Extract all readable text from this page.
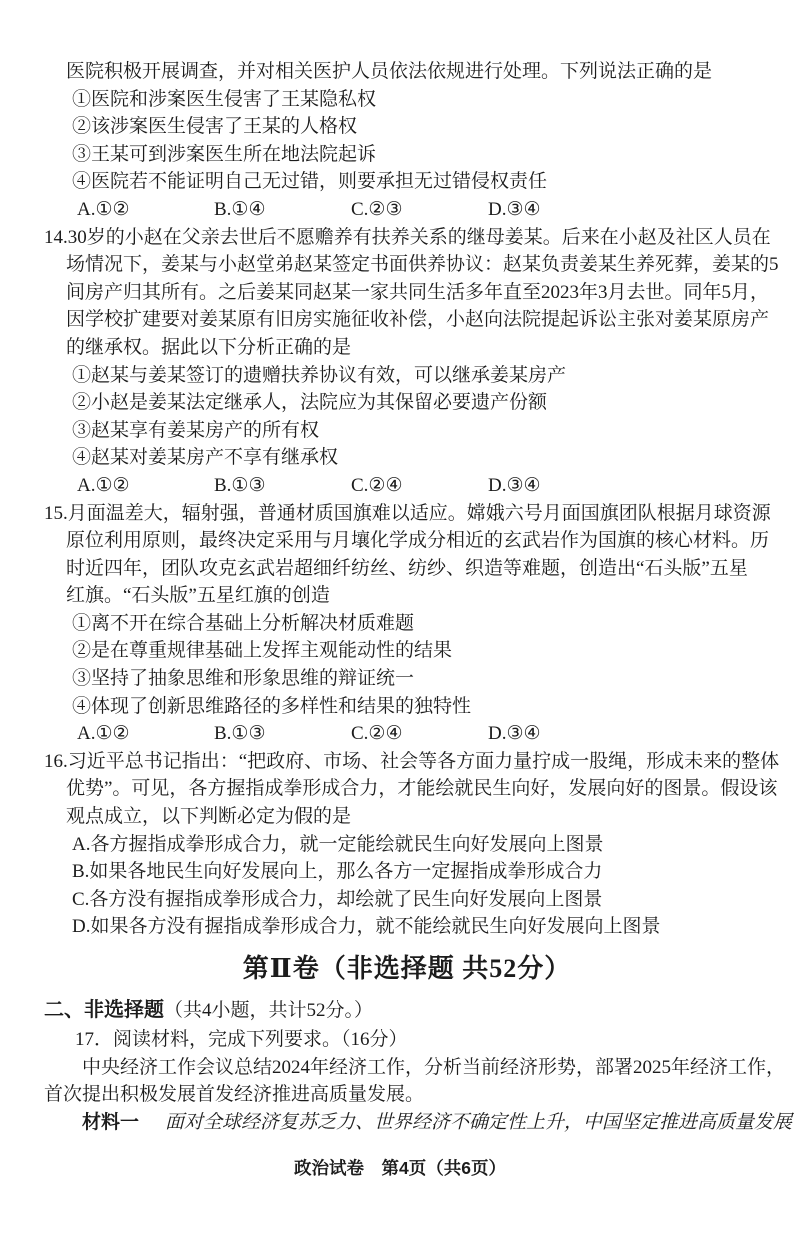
医院积极开展调查，并对相关医护人员依法依规进行处理。下列说法正确的是
①医院和涉案医生侵害了王某隐私权
②该涉案医生侵害了王某的人格权
③王某可到涉案医生所在地法院起诉
④医院若不能证明自己无过错，则要承担无过错侵权责任
A.①②	B.①④	C.②③	D.③④
14. 30岁的小赵在父亲去世后不愿赡养有扶养关系的继母姜某。后来在小赵及社区人员在
场情况下，姜某与小赵堂弟赵某签定书面供养协议：赵某负责姜某生养死葬，姜某的5
间房产归其所有。之后姜某同赵某一家共同生活多年直至2023年3月去世。同年5月，
因学校扩建要对姜某原有旧房实施征收补偿，小赵向法院提起诉讼主张对姜某原房产
的继承权。据此以下分析正确的是
①赵某与姜某签订的遗赠扶养协议有效，可以继承姜某房产
②小赵是姜某法定继承人，法院应为其保留必要遗产份额
③赵某享有姜某房产的所有权
④赵某对姜某房产不享有继承权
A.①②	B.①③	C.②④	D.③④
15. 月面温差大，辐射强，普通材质国旗难以适应。嫦娥六号月面国旗团队根据月球资源
原位利用原则，最终决定采用与月壤化学成分相近的玄武岩作为国旗的核心材料。历
时近四年，团队攻克玄武岩超细纤纺丝、纺纱、织造等难题，创造出“石头版”五星
红旗。“石头版”五星红旗的创造
①离不开在综合基础上分析解决材质难题
②是在尊重规律基础上发挥主观能动性的结果
③坚持了抽象思维和形象思维的辩证统一
④体现了创新思维路径的多样性和结果的独特性
A.①②	B.①③	C.②④	D.③④
16. 习近平总书记指出：“把政府、市场、社会等各方面力量拧成一股绳，形成未来的整体
优势”。可见，各方握指成拳形成合力，才能绘就民生向好，发展向好的图景。假设该
观点成立，以下判断必定为假的是
A.各方握指成拳形成合力，就一定能绘就民生向好发展向上图景
B.如果各地民生向好发展向上，那么各方一定握指成拳形成合力
C.各方没有握指成拳形成合力，却绘就了民生向好发展向上图景
D.如果各方没有握指成拳形成合力，就不能绘就民生向好发展向上图景
第Ⅱ卷（非选择题 共52分）
二、非选择题（共4小题，共计52分。）
17．阅读材料，完成下列要求。（16分）
中央经济工作会议总结2024年经济工作，分析当前经济形势，部署2025年经济工作，
首次提出积极发展首发经济推进高质量发展。
材料一 面对全球经济复苏乏力、世界经济不确定性上升，中国坚定推进高质量发展
政治试卷　第4页（共6页）
